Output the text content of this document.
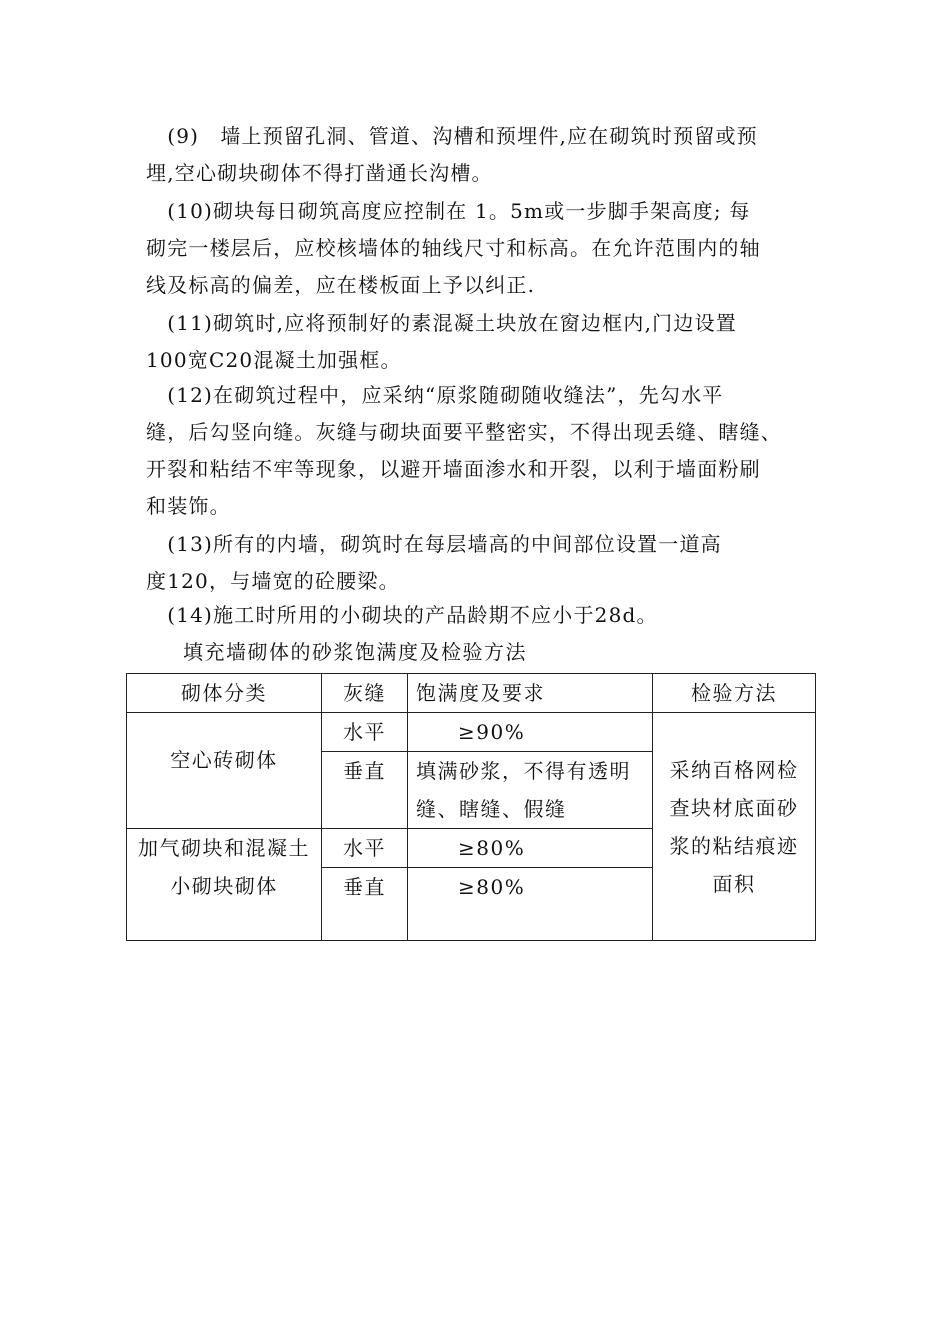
　(9)　墙上预留孔洞、管道、沟槽和预埋件,应在砌筑时预留或预
埋,空心砌块砌体不得打凿通长沟槽。

　(10)砌块每日砌筑高度应控制在 1。5m或一步脚手架高度; 每
砌完一楼层后，应校核墙体的轴线尺寸和标高。在允许范围内的轴
线及标高的偏差，应在楼板面上予以纠正.

　(11)砌筑时,应将预制好的素混凝土块放在窗边框内,门边设置
100宽C20混凝土加强框。

　(12)在砌筑过程中，应采纳“原浆随砌随收缝法”，先勾水平
缝，后勾竖向缝。灰缝与砌块面要平整密实，不得出现丢缝、瞎缝、
开裂和粘结不牢等现象，以避开墙面渗水和开裂，以利于墙面粉刷
和装饰。

　(13)所有的内墙，砌筑时在每层墙高的中间部位设置一道高
度120，与墙宽的砼腰梁。

　(14)施工时所用的小砌块的产品龄期不应小于28d。

填充墙砌体的砂浆饱满度及检验方法
砌体分类	灰缝	饱满度及要求	检验方法
空心砖砌体	水平	≥90%	采纳百格网检查块材底面砂浆的粘结痕迹面积
	垂直	填满砂浆，不得有透明缝、瞎缝、假缝	
加气砌块和混凝土小砌块砌体	水平	≥80%	
	垂直	≥80%	
